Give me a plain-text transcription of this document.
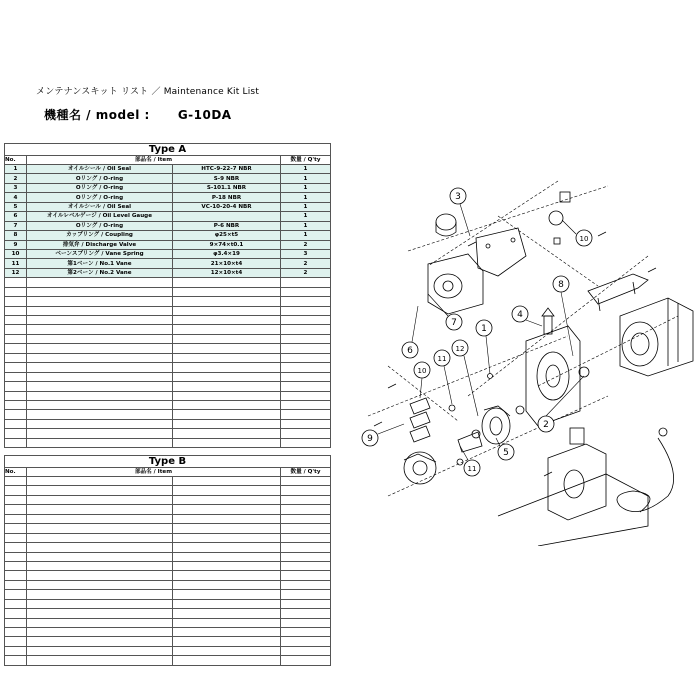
メンテナンスキット リスト ／ Maintenance Kit List
機種名 / model : G-10DA
Type A			
No.	部品名 / Item		数量 / Q'ty
1	オイルシール / Oil Seal	HTC-9-22-7 NBR	1
2	Oリング / O-ring	S-9 NBR	1
3	Oリング / O-ring	S-101.1 NBR	1
4	Oリング / O-ring	P-18 NBR	1
5	オイルシール / Oil Seal	VC-10-20-4 NBR	1
6	オイルレベルゲージ / Oil Level Gauge		1
7	Oリング / O-ring	P-6 NBR	1
8	カップリング / Coupling	φ25×t5	1
9	排気弁 / Discharge Valve	9×74×t0.1	2
10	ベーンスプリング / Vane Spring	φ3.4×19	3
11	第1ベーン / No.1 Vane	21×10×t4	2
12	第2ベーン / No.2 Vane	12×10×t4	2

Type B			
No.	部品名 / Item		数量 / Q'ty

3
10
8
4
1
2
7
6
11
10
12
9
11
5
